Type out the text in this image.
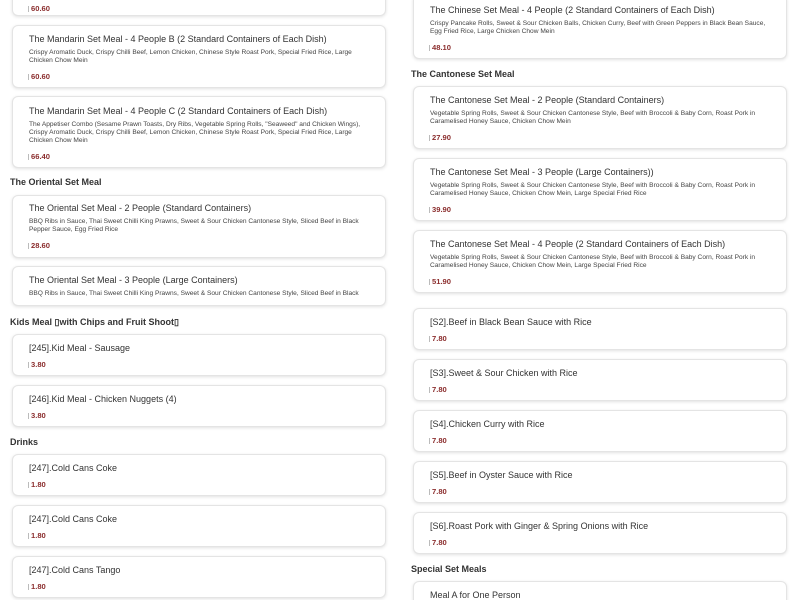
60.60
The Mandarin Set Meal - 4 People B (2 Standard Containers of Each Dish)
Crispy Aromatic Duck, Crispy Chilli Beef, Lemon Chicken, Chinese Style Roast Pork, Special Fried Rice, Large Chicken Chow Mein
60.60
The Mandarin Set Meal - 4 People C (2 Standard Containers of Each Dish)
The Appetiser Combo (Sesame Prawn Toasts, Dry Ribs, Vegetable Spring Rolls, "Seaweed" and Chicken Wings), Crispy Aromatic Duck, Crispy Chilli Beef, Lemon Chicken, Chinese Style Roast Pork, Special Fried Rice, Large Chicken Chow Mein
66.40
The Oriental Set Meal
The Oriental Set Meal - 2 People (Standard Containers)
BBQ Ribs in Sauce, Thai Sweet Chilli King Prawns, Sweet & Sour Chicken Cantonese Style, Sliced Beef in Black Pepper Sauce, Egg Fried Rice
28.60
The Oriental Set Meal - 3 People (Large Containers)
BBQ Ribs in Sauce, Thai Sweet Chilli King Prawns, Sweet & Sour Chicken Cantonese Style, Sliced Beef in Black
Kids Meal ▯with Chips and Fruit Shoot▯
[245].Kid Meal - Sausage
3.80
[246].Kid Meal - Chicken Nuggets (4)
3.80
Drinks
[247].Cold Cans Coke
1.80
[247].Cold Cans Coke
1.80
[247].Cold Cans Tango
1.80
The Chinese Set Meal - 4 People (2 Standard Containers of Each Dish)
Crispy Pancake Rolls, Sweet & Sour Chicken Balls, Chicken Curry, Beef with Green Peppers in Black Bean Sauce, Egg Fried Rice, Large Chicken Chow Mein
48.10
The Cantonese Set Meal
The Cantonese Set Meal - 2 People (Standard Containers)
Vegetable Spring Rolls, Sweet & Sour Chicken Cantonese Style, Beef with Broccoli & Baby Corn, Roast Pork in Caramelised Honey Sauce, Chicken Chow Mein
27.90
The Cantonese Set Meal - 3 People (Large Containers))
Vegetable Spring Rolls, Sweet & Sour Chicken Cantonese Style, Beef with Broccoli & Baby Corn, Roast Pork in Caramelised Honey Sauce, Chicken Chow Mein, Large Special Fried Rice
39.90
The Cantonese Set Meal - 4 People (2 Standard Containers of Each Dish)
Vegetable Spring Rolls, Sweet & Sour Chicken Cantonese Style, Beef with Broccoli & Baby Corn, Roast Pork in Caramelised Honey Sauce, Chicken Chow Mein, Large Special Fried Rice
51.90
[S2].Beef in Black Bean Sauce with Rice
7.80
[S3].Sweet & Sour Chicken with Rice
7.80
[S4].Chicken Curry with Rice
7.80
[S5].Beef in Oyster Sauce with Rice
7.80
[S6].Roast Pork with Ginger & Spring Onions with Rice
7.80
Special Set Meals
Meal A for One Person
